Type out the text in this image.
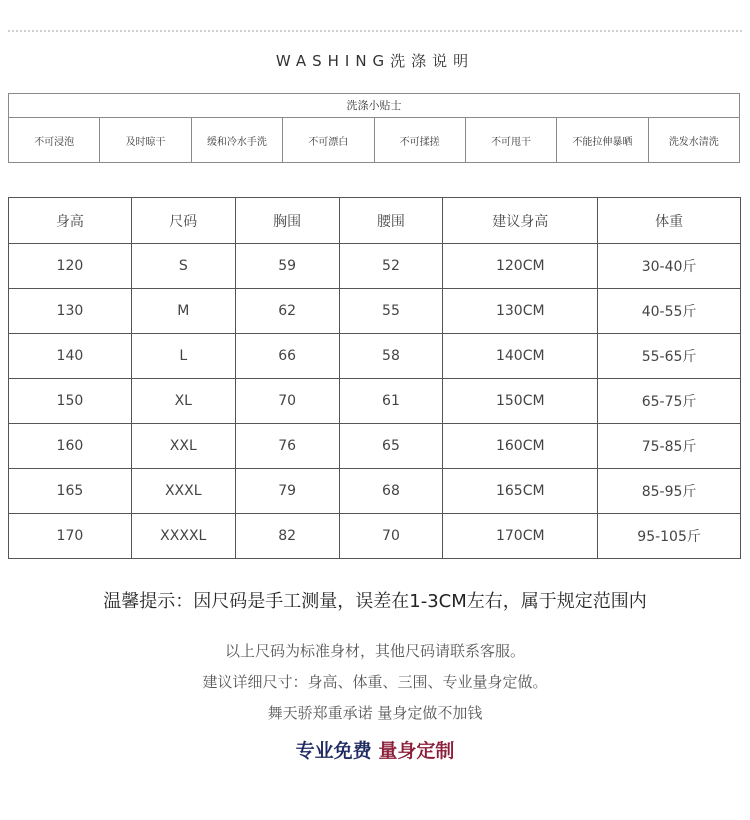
WASHING洗涤说明
洗涤小贴士
不可浸泡	及时晾干	缓和冷水手洗	不可漂白	不可揉搓	不可甩干	不能拉伸暴晒	洗发水清洗
身高	尺码	胸围	腰围	建议身高	体重
120	S	59	52	120CM	30-40斤
130	M	62	55	130CM	40-55斤
140	L	66	58	140CM	55-65斤
150	XL	70	61	150CM	65-75斤
160	XXL	76	65	160CM	75-85斤
165	XXXL	79	68	165CM	85-95斤
170	XXXXL	82	70	170CM	95-105斤
温馨提示：因尺码是手工测量，误差在1-3CM左右，属于规定范围内
以上尺码为标准身材，其他尺码请联系客服。
建议详细尺寸：身高、体重、三围、专业量身定做。
舞天骄郑重承诺 量身定做不加钱
专业免费 量身定制
